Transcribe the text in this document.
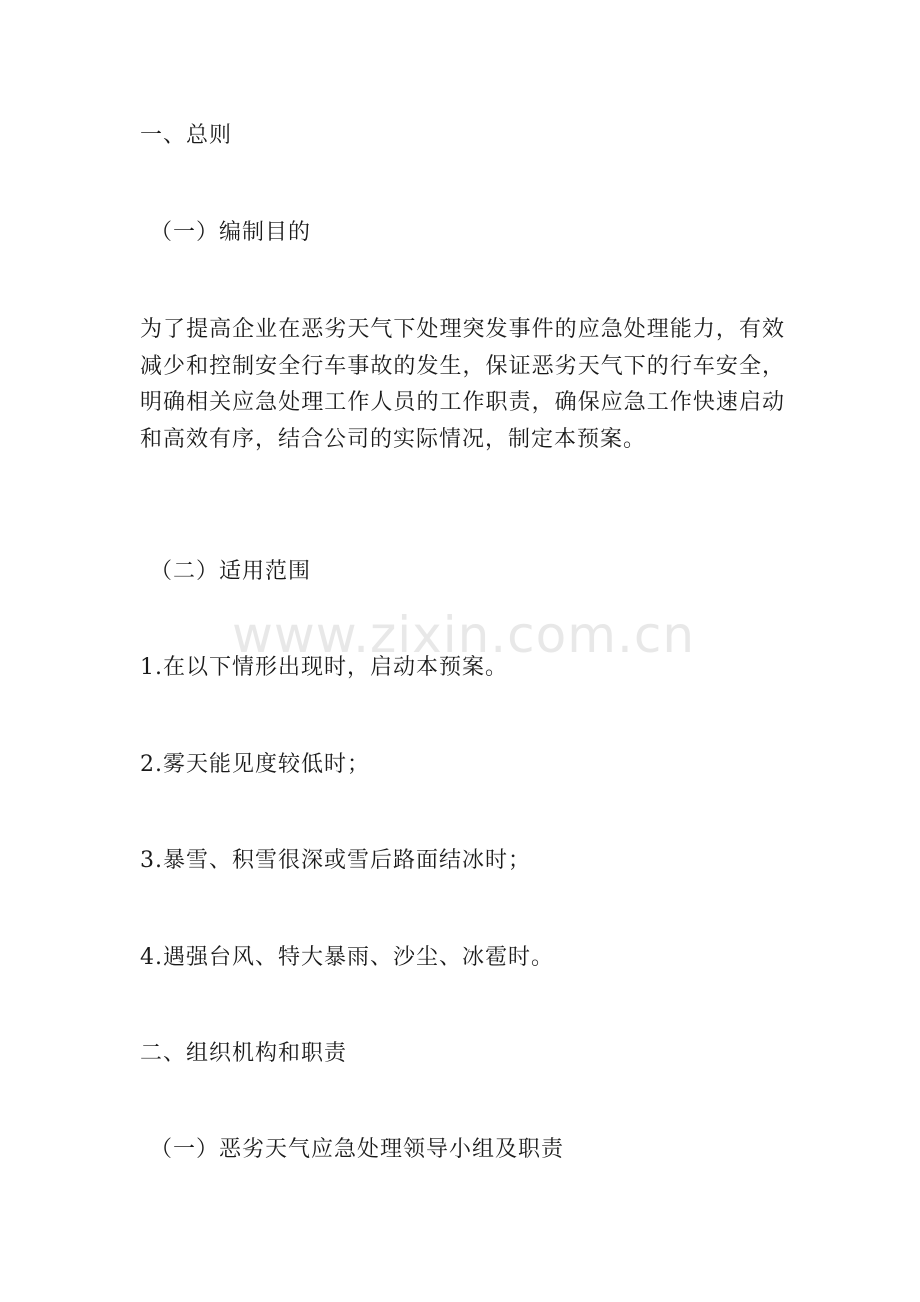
一、总则
（一）编制目的
为了提高企业在恶劣天气下处理突发事件的应急处理能力，有效减少和控制安全行车事故的发生，保证恶劣天气下的行车安全，明确相关应急处理工作人员的工作职责，确保应急工作快速启动和高效有序，结合公司的实际情况，制定本预案。
（二）适用范围
1.在以下情形出现时，启动本预案。
2.雾天能见度较低时；
3.暴雪、积雪很深或雪后路面结冰时；
4.遇强台风、特大暴雨、沙尘、冰雹时。
二、组织机构和职责
（一）恶劣天气应急处理领导小组及职责
www.zixin.com.cn
